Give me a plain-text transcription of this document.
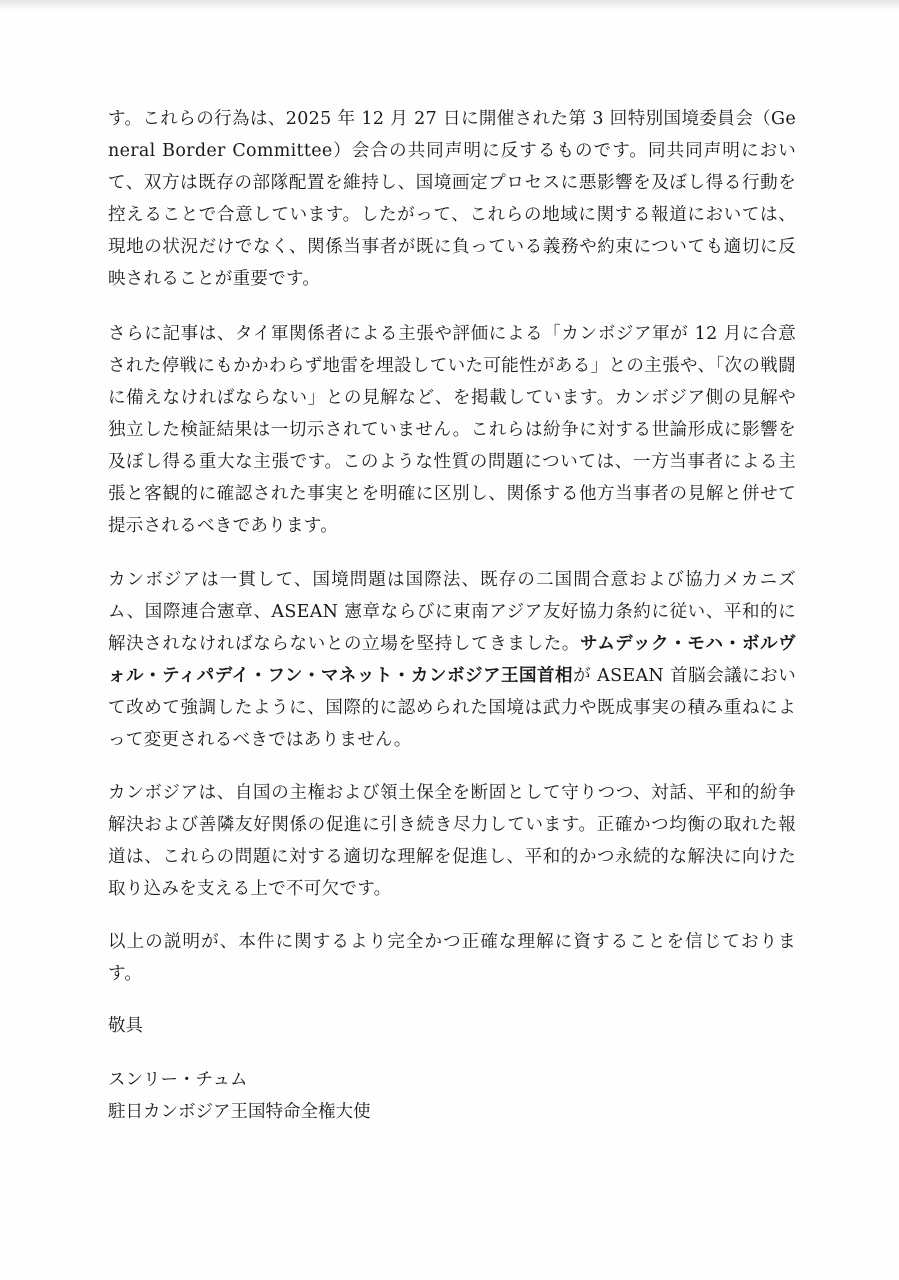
す。これらの行為は、2025 年 12 月 27 日に開催された第 3 回特別国境委員会（General Border Committee）会合の共同声明に反するものです。同共同声明において、双方は既存の部隊配置を維持し、国境画定プロセスに悪影響を及ぼし得る行動を控えることで合意しています。したがって、これらの地域に関する報道においては、現地の状況だけでなく、関係当事者が既に負っている義務や約束についても適切に反映されることが重要です。

さらに記事は、タイ軍関係者による主張や評価による「カンボジア軍が 12 月に合意された停戦にもかかわらず地雷を埋設していた可能性がある」との主張や、「次の戦闘に備えなければならない」との見解など、を掲載しています。カンボジア側の見解や独立した検証結果は一切示されていません。これらは紛争に対する世論形成に影響を及ぼし得る重大な主張です。このような性質の問題については、一方当事者による主張と客観的に確認された事実とを明確に区別し、関係する他方当事者の見解と併せて提示されるべきであります。

カンボジアは一貫して、国境問題は国際法、既存の二国間合意および協力メカニズム、国際連合憲章、ASEAN 憲章ならびに東南アジア友好協力条約に従い、平和的に解決されなければならないとの立場を堅持してきました。サムデック・モハ・ボルヴォル・ティパデイ・フン・マネット・カンボジア王国首相が ASEAN 首脳会議において改めて強調したように、国際的に認められた国境は武力や既成事実の積み重ねによって変更されるべきではありません。

カンボジアは、自国の主権および領土保全を断固として守りつつ、対話、平和的紛争解決および善隣友好関係の促進に引き続き尽力しています。正確かつ均衡の取れた報道は、これらの問題に対する適切な理解を促進し、平和的かつ永続的な解決に向けた取り込みを支える上で不可欠です。

以上の説明が、本件に関するより完全かつ正確な理解に資することを信じております。

敬具
スンリー・チュム
駐日カンボジア王国特命全権大使
